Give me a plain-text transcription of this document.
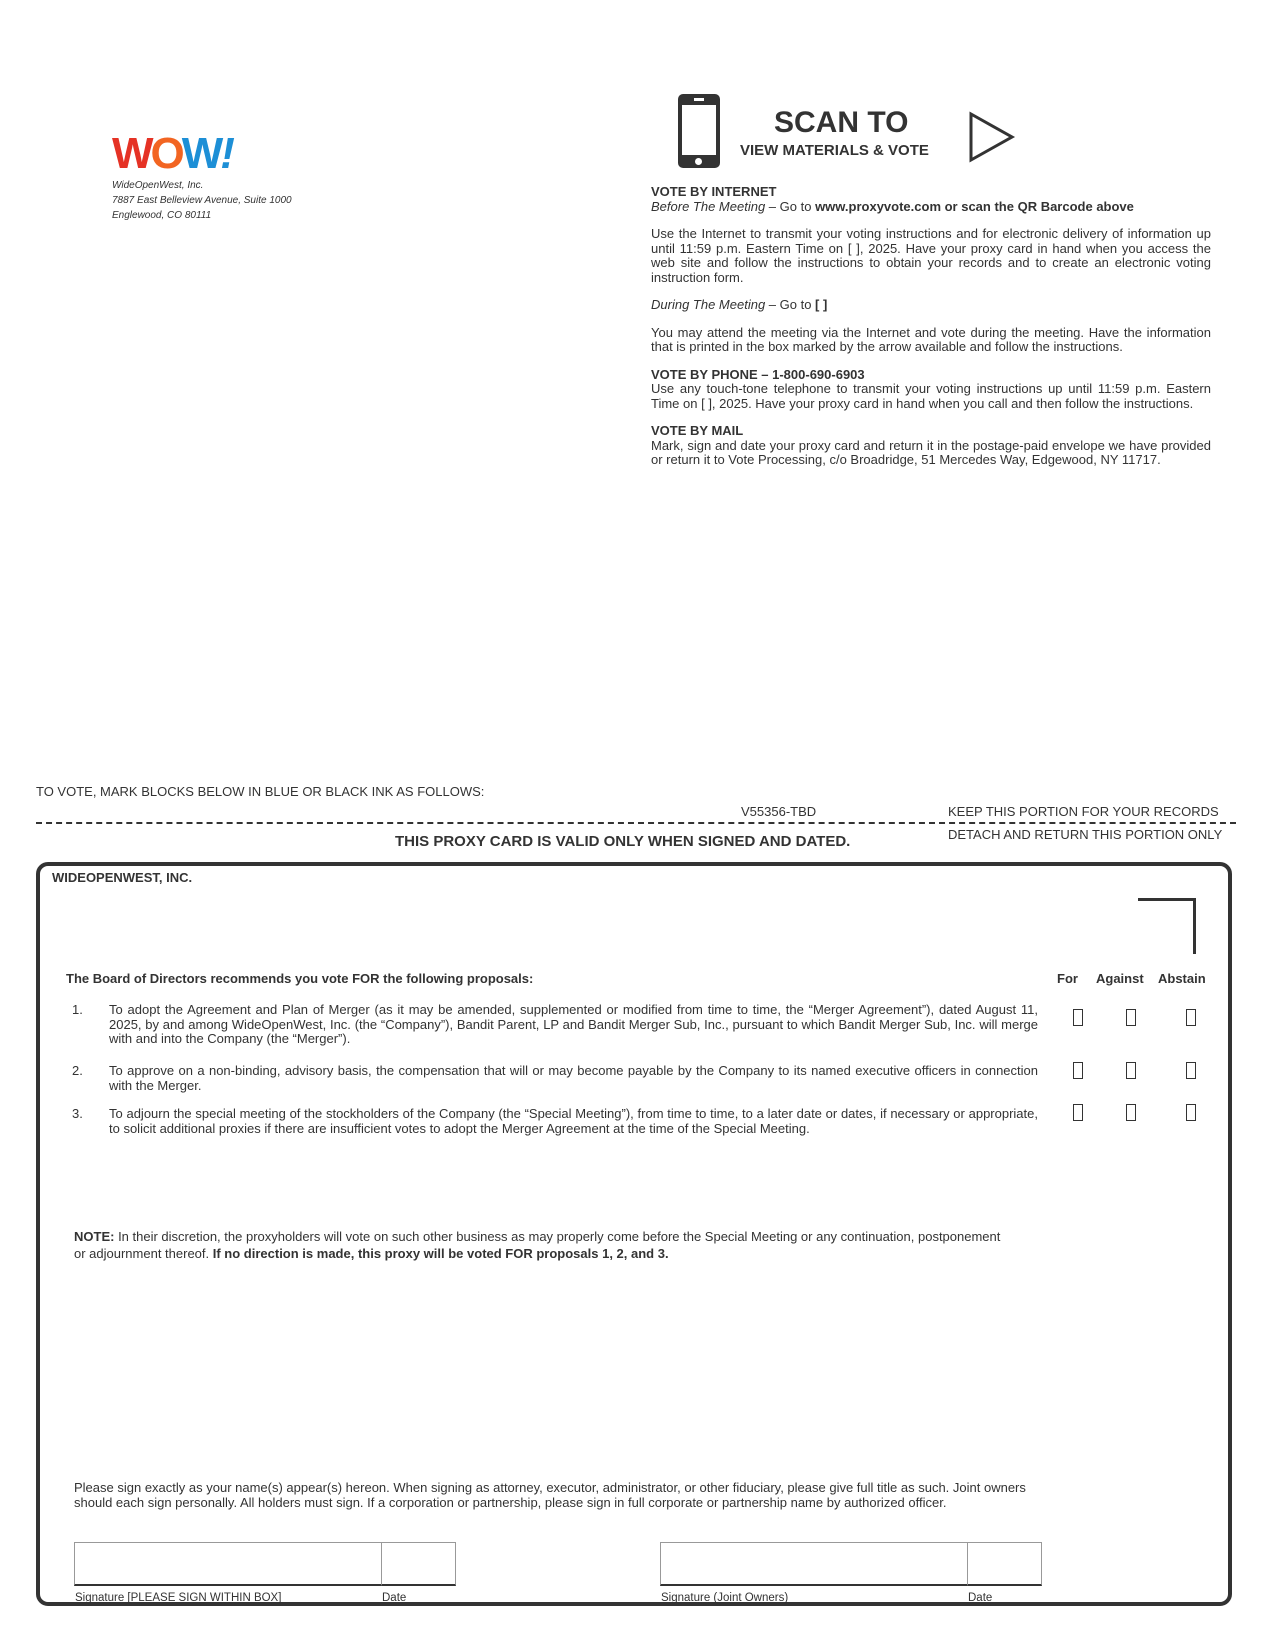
WOW!
WideOpenWest, Inc.
7887 East Belleview Avenue, Suite 1000
Englewood, CO 80111
SCAN TO
VIEW MATERIALS & VOTE
VOTE BY INTERNET

Before The Meeting – Go to www.proxyvote.com or scan the QR Barcode above

Use the Internet to transmit your voting instructions and for electronic delivery of information up until 11:59 p.m. Eastern Time on [ ], 2025. Have your proxy card in hand when you access the web site and follow the instructions to obtain your records and to create an electronic voting instruction form.

During The Meeting – Go to [ ]

You may attend the meeting via the Internet and vote during the meeting. Have the information that is printed in the box marked by the arrow available and follow the instructions.

VOTE BY PHONE – 1-800-690-6903

Use any touch-tone telephone to transmit your voting instructions up until 11:59 p.m. Eastern Time on [ ], 2025. Have your proxy card in hand when you call and then follow the instructions.

VOTE BY MAIL

Mark, sign and date your proxy card and return it in the postage-paid envelope we have provided or return it to Vote Processing, c/o Broadridge, 51 Mercedes Way, Edgewood, NY 11717.

TO VOTE, MARK BLOCKS BELOW IN BLUE OR BLACK INK AS FOLLOWS:
V55356-TBD	KEEP THIS PORTION FOR YOUR RECORDS
DETACH AND RETURN THIS PORTION ONLY
THIS PROXY CARD IS VALID ONLY WHEN SIGNED AND DATED.
WIDEOPENWEST, INC.
The Board of Directors recommends you vote FOR the following proposals:	For Against Abstain
1. To adopt the Agreement and Plan of Merger (as it may be amended, supplemented or modified from time to time, the “Merger Agreement”), dated August 11, 2025, by and among WideOpenWest, Inc. (the “Company”), Bandit Parent, LP and Bandit Merger Sub, Inc., pursuant to which Bandit Merger Sub, Inc. will merge with and into the Company (the “Merger”).
2. To approve on a non-binding, advisory basis, the compensation that will or may become payable by the Company to its named executive officers in connection with the Merger.
3. To adjourn the special meeting of the stockholders of the Company (the “Special Meeting”), from time to time, to a later date or dates, if necessary or appropriate, to solicit additional proxies if there are insufficient votes to adopt the Merger Agreement at the time of the Special Meeting.
NOTE: In their discretion, the proxyholders will vote on such other business as may properly come before the Special Meeting or any continuation, postponement or adjournment thereof. If no direction is made, this proxy will be voted FOR proposals 1, 2, and 3.
Please sign exactly as your name(s) appear(s) hereon. When signing as attorney, executor, administrator, or other fiduciary, please give full title as such. Joint owners should each sign personally. All holders must sign. If a corporation or partnership, please sign in full corporate or partnership name by authorized officer.
Signature [PLEASE SIGN WITHIN BOX]	Date	Signature (Joint Owners)	Date
